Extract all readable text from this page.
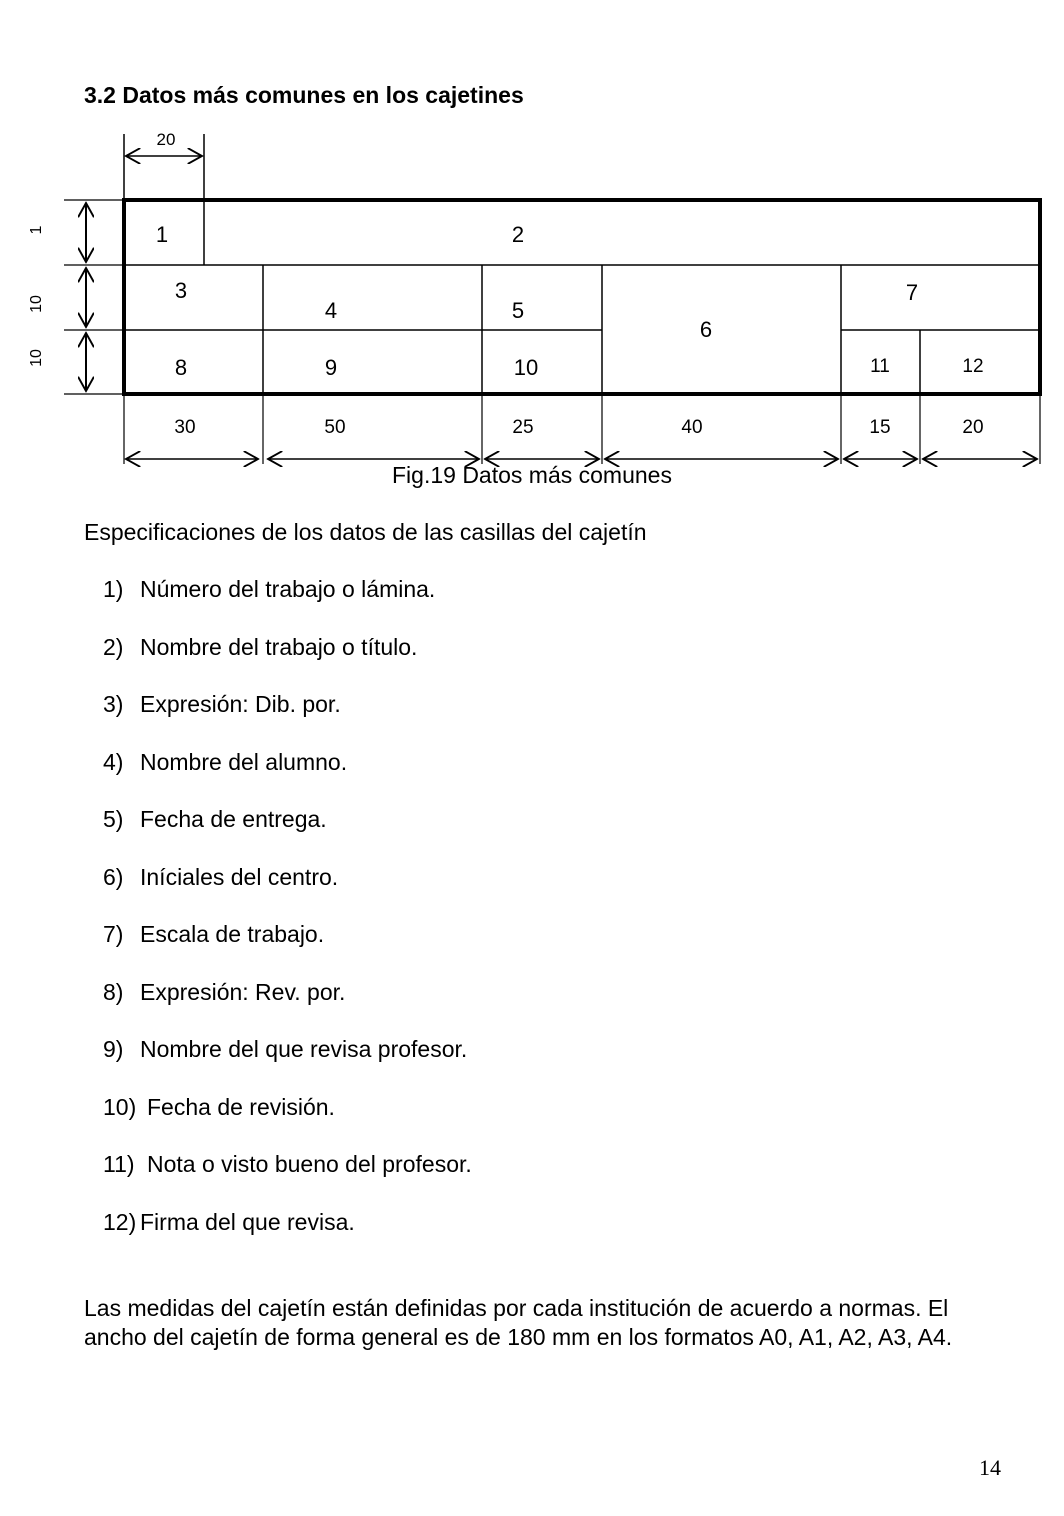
3.2 Datos más comunes en los cajetines
20
1
10
10
1	2
3
4	5
6
7
8	9	10	11	12
30	50	25	40	15	20
Fig.19 Datos más comunes

Especificaciones de los datos de las casillas del cajetín

1) Número del trabajo o lámina.
2) Nombre del trabajo o título.
3) Expresión: Dib. por.
4) Nombre del alumno.
5) Fecha de entrega.
6) Iníciales del centro.
7) Escala de trabajo.
8) Expresión: Rev. por.
9) Nombre del que revisa profesor.
10) Fecha de revisión.
11) Nota o visto bueno del profesor.
12) Firma del que revisa.

Las medidas del cajetín están definidas por cada institución de acuerdo a normas. El ancho del cajetín de forma general es de 180 mm en los formatos A0, A1, A2, A3, A4.

14
